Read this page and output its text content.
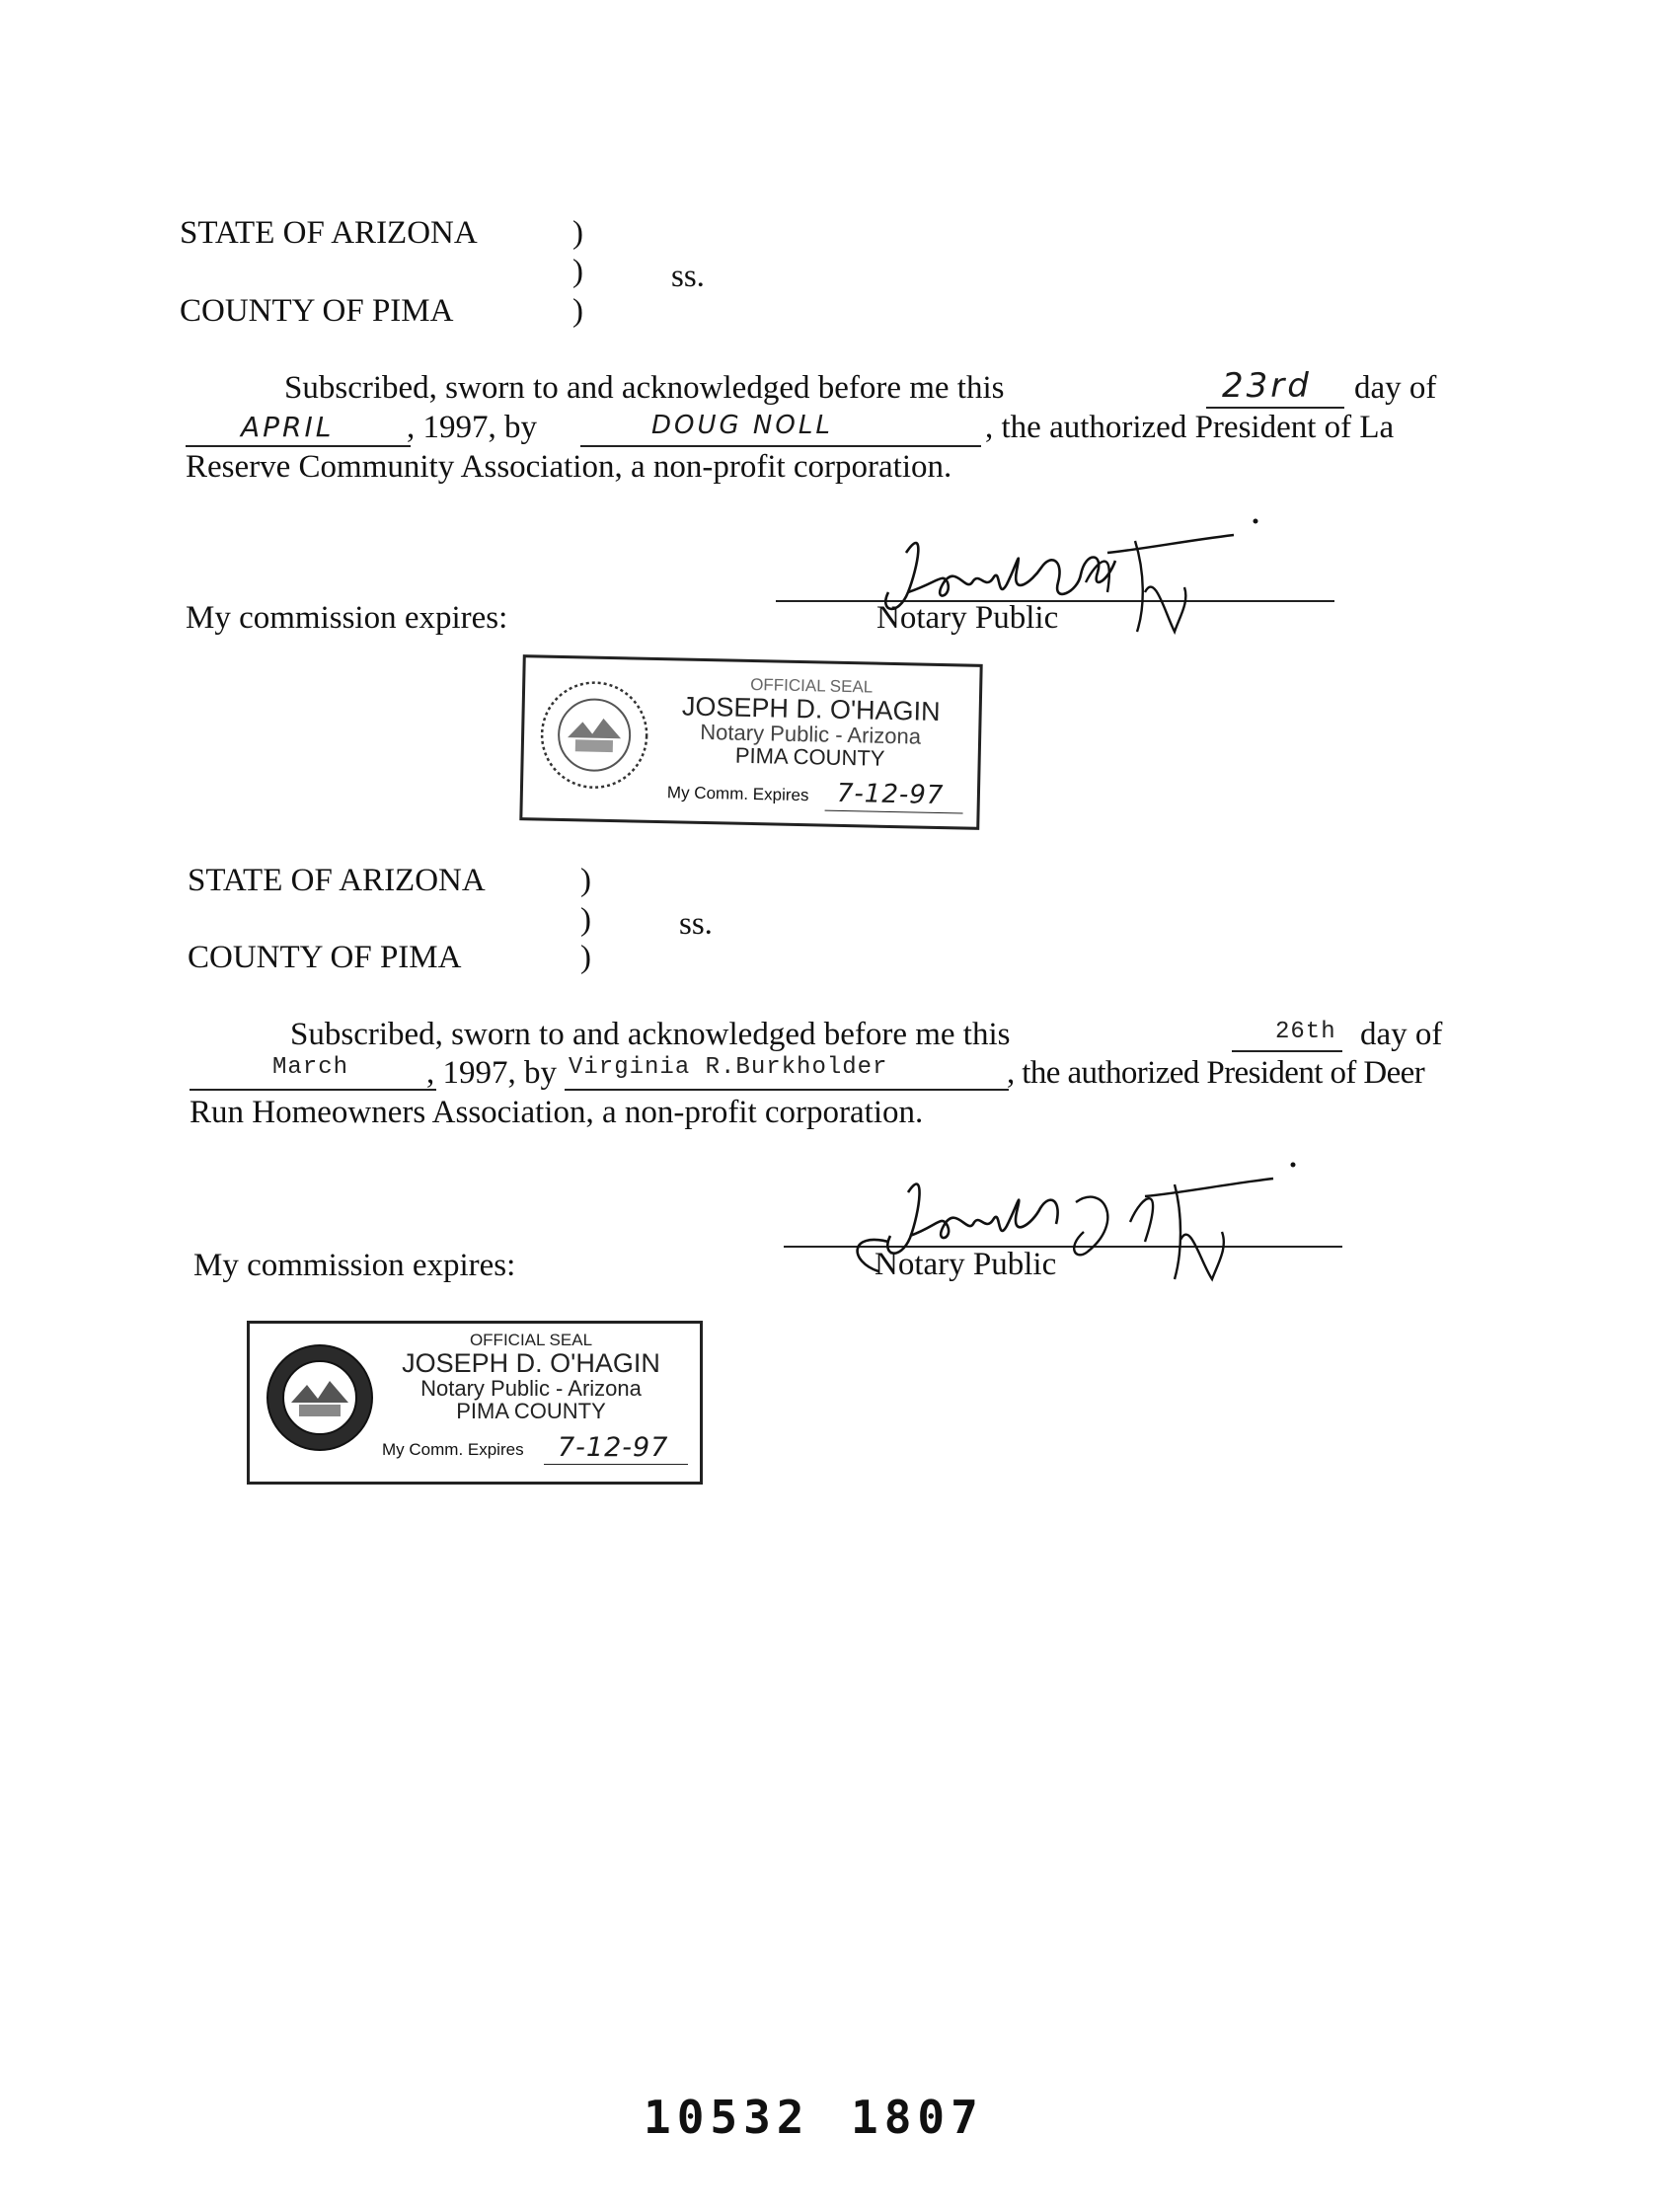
STATE OF ARIZONA	)
)	ss.
)
COUNTY OF PIMA
Subscribed, sworn to and acknowledged before me this	23rd day of
APRIL , 1997, by	DOUG NOLL	, the authorized President of La
Reserve Community Association, a non-profit corporation.
My commission expires:	Notary Public
OFFICIAL SEAL
JOSEPH D. O'HAGIN
Notary Public - Arizona
PIMA COUNTY
My Comm. Expires 7-12-97
STATE OF ARIZONA	)
)	ss.
)
COUNTY OF PIMA
Subscribed, sworn to and acknowledged before me this	26th day of
March , 1997, by Virginia R.Burkholder	, the authorized President of Deer
Run Homeowners Association, a non-profit corporation.
My commission expires:	Notary Public
OFFICIAL SEAL
JOSEPH D. O'HAGIN
Notary Public - Arizona
PIMA COUNTY
My Comm. Expires 7-12-97
10532 1807
